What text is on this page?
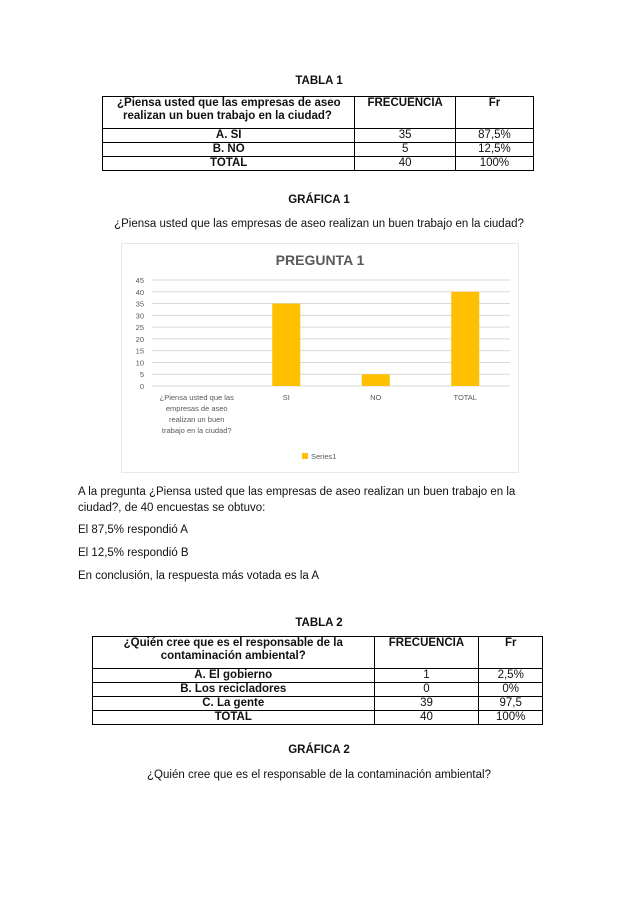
TABLA 1
¿Piensa usted que las empresas de aseo
realizan un buen trabajo en la ciudad?	FRECUENCIA	Fr
A. SI	35	87,5%
B. NO	5	12,5%
TOTAL	40	100%
GRÁFICA 1
¿Piensa usted que las empresas de aseo realizan un buen trabajo en la ciudad?
PREGUNTA 1
0
5
10
15
20
25
30
35
40
45
¿Piensa usted que las
empresas de aseo
realizan un buen
trabajo en la ciudad?
SI	NO	TOTAL
Series1
A la pregunta ¿Piensa usted que las empresas de aseo realizan un buen trabajo en la
ciudad?, de 40 encuestas se obtuvo:
El 87,5% respondió A
El 12,5% respondió B
En conclusión, la respuesta más votada es la A
TABLA 2
¿Quién cree que es el responsable de la
contaminación ambiental?	FRECUENCIA	Fr
A. El gobierno	1	2,5%
B. Los recicladores	0	0%
C. La gente	39	97,5
TOTAL	40	100%
GRÁFICA 2
¿Quién cree que es el responsable de la contaminación ambiental?
